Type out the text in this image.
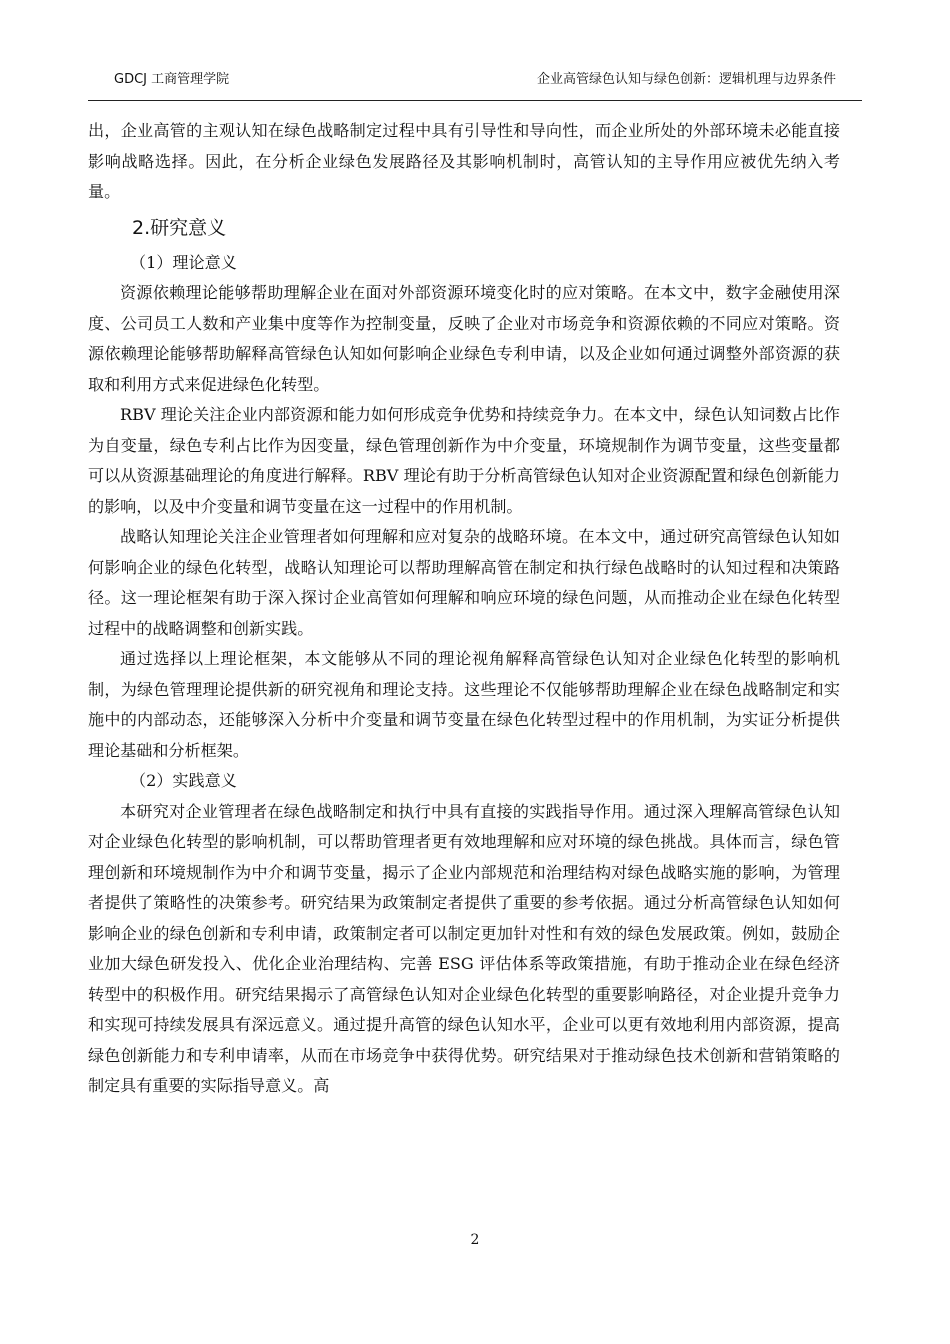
GDCJ 工商管理学院	企业高管绿色认知与绿色创新：逻辑机理与边界条件

出，企业高管的主观认知在绿色战略制定过程中具有引导性和导向性，而企业所处的外部环境未必能直接影响战略选择。因此，在分析企业绿色发展路径及其影响机制时，高管认知的主导作用应被优先纳入考量。

2.研究意义

（1）理论意义

资源依赖理论能够帮助理解企业在面对外部资源环境变化时的应对策略。在本文中，数字金融使用深度、公司员工人数和产业集中度等作为控制变量，反映了企业对市场竞争和资源依赖的不同应对策略。资源依赖理论能够帮助解释高管绿色认知如何影响企业绿色专利申请，以及企业如何通过调整外部资源的获取和利用方式来促进绿色化转型。

RBV 理论关注企业内部资源和能力如何形成竞争优势和持续竞争力。在本文中，绿色认知词数占比作为自变量，绿色专利占比作为因变量，绿色管理创新作为中介变量，环境规制作为调节变量，这些变量都可以从资源基础理论的角度进行解释。RBV 理论有助于分析高管绿色认知对企业资源配置和绿色创新能力的影响，以及中介变量和调节变量在这一过程中的作用机制。

战略认知理论关注企业管理者如何理解和应对复杂的战略环境。在本文中，通过研究高管绿色认知如何影响企业的绿色化转型，战略认知理论可以帮助理解高管在制定和执行绿色战略时的认知过程和决策路径。这一理论框架有助于深入探讨企业高管如何理解和响应环境的绿色问题，从而推动企业在绿色化转型过程中的战略调整和创新实践。

通过选择以上理论框架，本文能够从不同的理论视角解释高管绿色认知对企业绿色化转型的影响机制，为绿色管理理论提供新的研究视角和理论支持。这些理论不仅能够帮助理解企业在绿色战略制定和实施中的内部动态，还能够深入分析中介变量和调节变量在绿色化转型过程中的作用机制，为实证分析提供理论基础和分析框架。

（2）实践意义

本研究对企业管理者在绿色战略制定和执行中具有直接的实践指导作用。通过深入理解高管绿色认知对企业绿色化转型的影响机制，可以帮助管理者更有效地理解和应对环境的绿色挑战。具体而言，绿色管理创新和环境规制作为中介和调节变量，揭示了企业内部规范和治理结构对绿色战略实施的影响，为管理者提供了策略性的决策参考。研究结果为政策制定者提供了重要的参考依据。通过分析高管绿色认知如何影响企业的绿色创新和专利申请，政策制定者可以制定更加针对性和有效的绿色发展政策。例如，鼓励企业加大绿色研发投入、优化企业治理结构、完善 ESG 评估体系等政策措施，有助于推动企业在绿色经济转型中的积极作用。研究结果揭示了高管绿色认知对企业绿色化转型的重要影响路径，对企业提升竞争力和实现可持续发展具有深远意义。通过提升高管的绿色认知水平，企业可以更有效地利用内部资源，提高绿色创新能力和专利申请率，从而在市场竞争中获得优势。研究结果对于推动绿色技术创新和营销策略的制定具有重要的实际指导意义。高

2
